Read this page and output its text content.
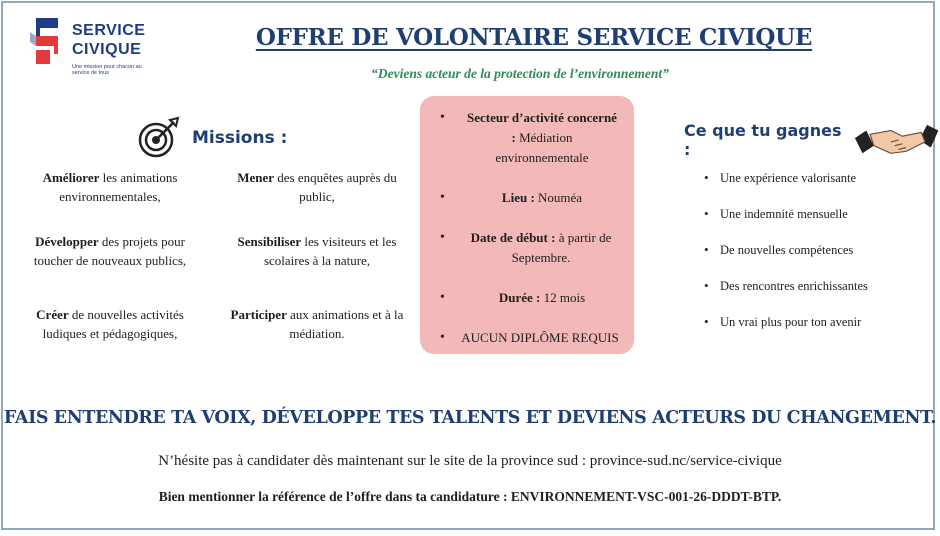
SERVICE
CIVIQUE
Une mission pour chacun au service de tous
OFFRE DE VOLONTAIRE SERVICE CIVIQUE
“Deviens acteur de la protection de l’environnement”
Missions :
Améliorer les animations environnementales,
Mener des enquêtes auprès du public,
Développer des projets pour toucher de nouveaux publics,
Sensibiliser les visiteurs et les scolaires à la nature,
Créer de nouvelles activités ludiques et pédagogiques,
Participer aux animations et à la médiation.
• Secteur d’activité concerné : Médiation environnementale
•	Lieu : Nouméa
• Date de début : à partir de Septembre.
•	Durée : 12 mois
• AUCUN DIPLÔME REQUIS
Ce que tu gagnes :
• Une expérience valorisante
• Une indemnité mensuelle
• De nouvelles compétences
• Des rencontres enrichissantes
• Un vrai plus pour ton avenir
FAIS ENTENDRE TA VOIX, DÉVELOPPE TES TALENTS ET DEVIENS ACTEURS DU CHANGEMENT.
N’hésite pas à candidater dès maintenant sur le site de la province sud : province-sud.nc/service-civique
Bien mentionner la référence de l’offre dans ta candidature : ENVIRONNEMENT-VSC-001-26-DDDT-BTP.
